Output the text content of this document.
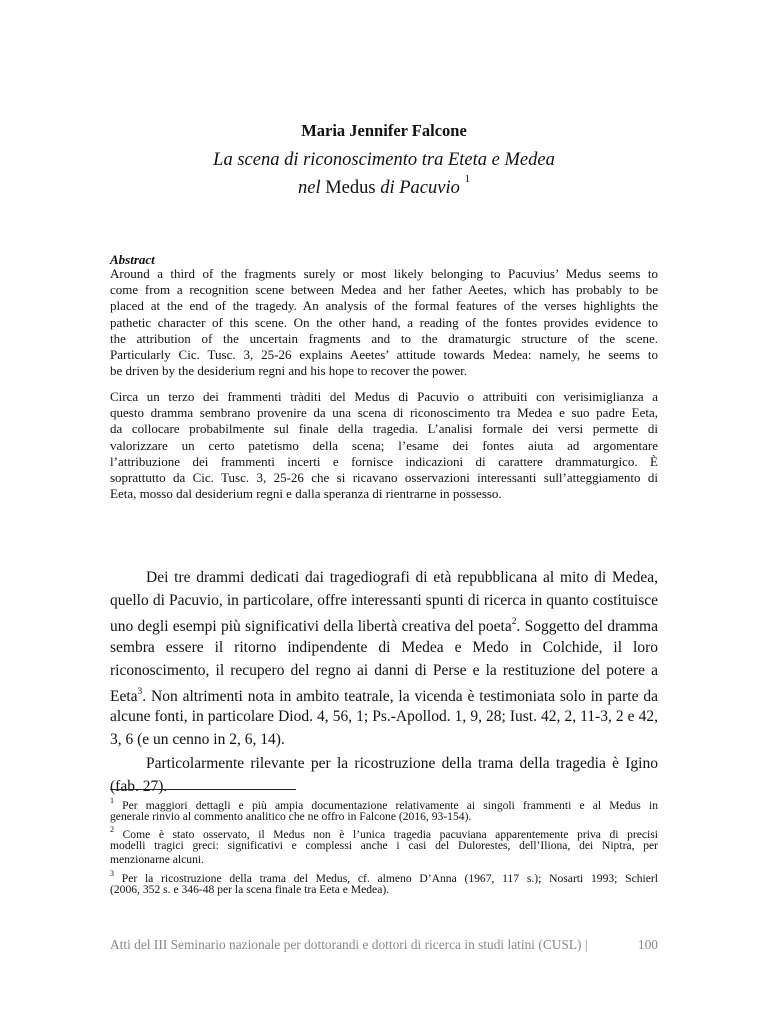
Maria Jennifer Falcone
La scena di riconoscimento tra Eteta e Medea
nel Medus di Pacuvio $^1$
Abstract
Around a third of the fragments surely or most likely belonging to Pacuvius’ Medus seems to
come from a recognition scene between Medea and her father Aeetes, which has probably to be
placed at the end of the tragedy. An analysis of the formal features of the verses highlights the
pathetic character of this scene. On the other hand, a reading of the fontes provides evidence to
the attribution of the uncertain fragments and to the dramaturgic structure of the scene.
Particularly Cic. Tusc. 3, 25-26 explains Aeetes’ attitude towards Medea: namely, he seems to
be driven by the desiderium regni and his hope to recover the power.
Circa un terzo dei frammenti tràditi del Medus di Pacuvio o attribuiti con verisimiglianza a
questo dramma sembrano provenire da una scena di riconoscimento tra Medea e suo padre Eeta,
da collocare probabilmente sul finale della tragedia. L’analisi formale dei versi permette di
valorizzare un certo patetismo della scena; l’esame dei fontes aiuta ad argomentare
l’attribuzione dei frammenti incerti e fornisce indicazioni di carattere drammaturgico. È
soprattutto da Cic. Tusc. 3, 25-26 che si ricavano osservazioni interessanti sull’atteggiamento di
Eeta, mosso dal desiderium regni e dalla speranza di rientrarne in possesso.
Dei tre drammi dedicati dai tragediografi di età repubblicana al mito di Medea,
quello di Pacuvio, in particolare, offre interessanti spunti di ricerca in quanto costituisce
uno degli esempi più significativi della libertà creativa del poeta$^2$. Soggetto del dramma
sembra essere il ritorno indipendente di Medea e Medo in Colchide, il loro
riconoscimento, il recupero del regno ai danni di Perse e la restituzione del potere a
Eeta$^3$. Non altrimenti nota in ambito teatrale, la vicenda è testimoniata solo in parte da
alcune fonti, in particolare Diod. 4, 56, 1; Ps.-Apollod. 1, 9, 28; Iust. 42, 2, 11-3, 2 e 42,
3, 6 (e un cenno in 2, 6, 14).
Particolarmente rilevante per la ricostruzione della trama della tragedia è Igino
(fab. 27).
$^1$ Per maggiori dettagli e più ampia documentazione relativamente ai singoli frammenti e al Medus in
generale rinvio al commento analitico che ne offro in Falcone (2016, 93-154).
$^2$ Come è stato osservato, il Medus non è l’unica tragedia pacuviana apparentemente priva di precisi
modelli tragici greci: significativi e complessi anche i casi del Dulorestes, dell’Iliona, dei Niptra, per
menzionarne alcuni.
$^3$ Per la ricostruzione della trama del Medus, cf. almeno D’Anna (1967, 117 s.); Nosarti 1993; Schierl
(2006, 352 s. e 346-48 per la scena finale tra Eeta e Medea).
Atti del III Seminario nazionale per dottorandi e dottori di ricerca in studi latini (CUSL) |	100
